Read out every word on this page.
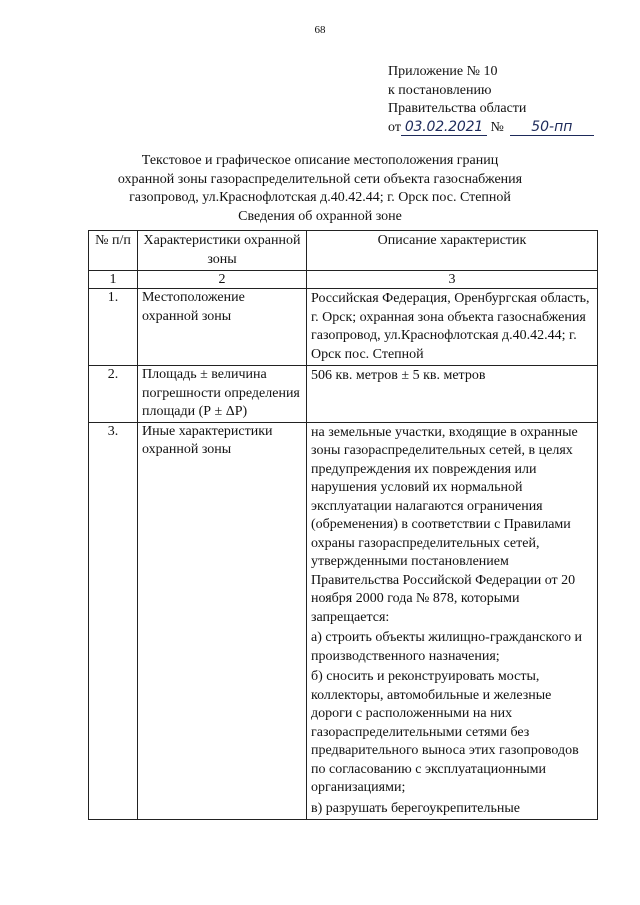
68
Приложение № 10
к постановлению
Правительства области
от 03.02.2021 № 50-пп
Текстовое и графическое описание местоположения границ
охранной зоны газораспределительной сети объекта газоснабжения
газопровод, ул.Краснофлотская д.40.42.44; г. Орск пос. Степной
Сведения об охранной зоне
№ п/п	Характеристики охранной зоны	Описание характеристик
1	2	3
1.	Местоположение охранной зоны	Российская Федерация, Оренбургская область, г. Орск; охранная зона объекта газоснабжения газопровод, ул.Краснофлотская д.40.42.44; г. Орск пос. Степной

2.	Площадь ± величина погрешности определения площади (Р ± ΔР)	506 кв. метров ± 5 кв. метров

3.	Иные характеристики охранной зоны	на земельные участки, входящие в охранные зоны газораспределительных сетей, в целях предупреждения их повреждения или нарушения условий их нормальной эксплуатации налагаются ограничения (обременения) в соответствии с Правилами охраны газораспределительных сетей, утвержденными постановлением Правительства Российской Федерации от 20 ноября 2000 года № 878, которыми запрещается:
а) строить объекты жилищно-гражданского и производственного назначения;
б) сносить и реконструировать мосты, коллекторы, автомобильные и железные дороги с расположенными на них газораспределительными сетями без предварительного выноса этих газопроводов по согласованию с эксплуатационными организациями;
в) разрушать берегоукрепительные
